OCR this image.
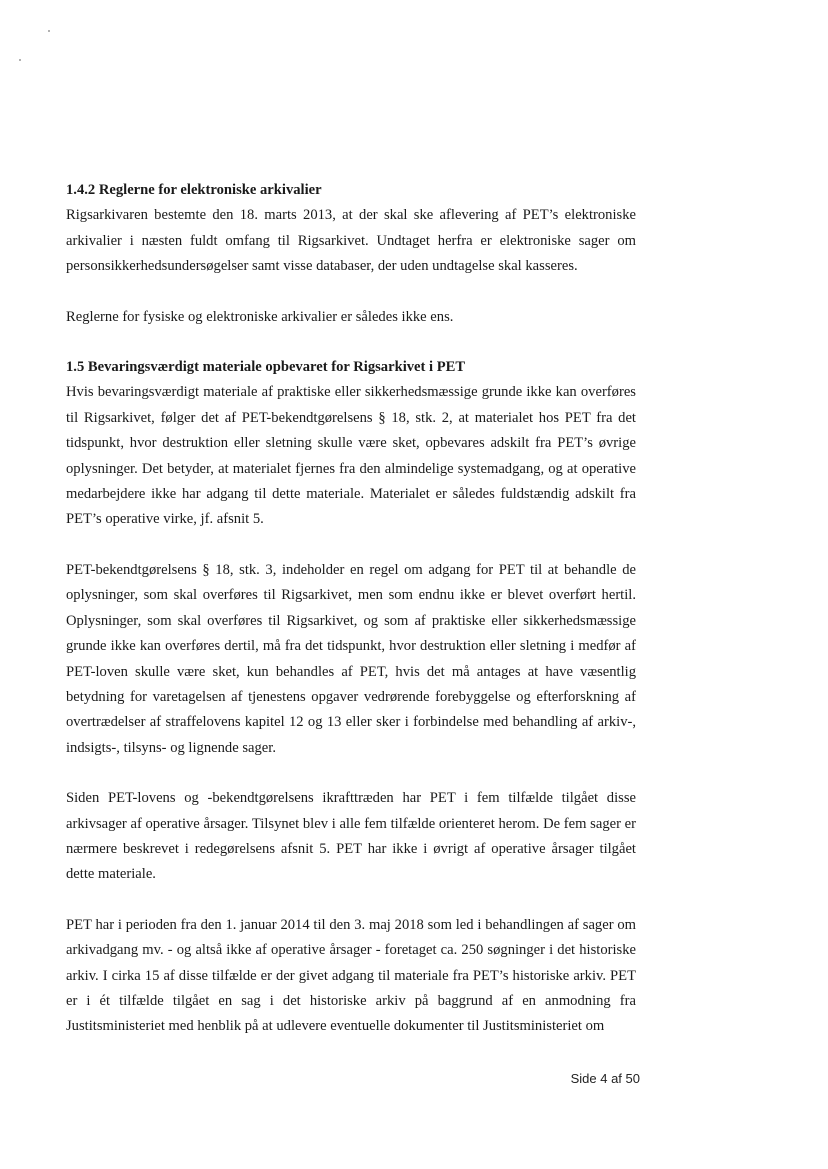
1.4.2 Reglerne for elektroniske arkivalier

Rigsarkivaren bestemte den 18. marts 2013, at der skal ske aflevering af PET’s elektroniske arkivalier i næsten fuldt omfang til Rigsarkivet. Undtaget herfra er elektroniske sager om personsikkerhedsundersøgelser samt visse databaser, der uden undtagelse skal kasseres.

Reglerne for fysiske og elektroniske arkivalier er således ikke ens.

1.5 Bevaringsværdigt materiale opbevaret for Rigsarkivet i PET

Hvis bevaringsværdigt materiale af praktiske eller sikkerhedsmæssige grunde ikke kan overføres til Rigsarkivet, følger det af PET-bekendtgørelsens § 18, stk. 2, at materialet hos PET fra det tidspunkt, hvor destruktion eller sletning skulle være sket, opbevares adskilt fra PET’s øvrige oplysninger. Det betyder, at materialet fjernes fra den almindelige systemadgang, og at operative medarbejdere ikke har adgang til dette materiale. Materialet er således fuldstændig adskilt fra PET’s operative virke, jf. afsnit 5.

PET-bekendtgørelsens § 18, stk. 3, indeholder en regel om adgang for PET til at behandle de oplysninger, som skal overføres til Rigsarkivet, men som endnu ikke er blevet overført hertil. Oplysninger, som skal overføres til Rigsarkivet, og som af praktiske eller sikkerhedsmæssige grunde ikke kan overføres dertil, må fra det tidspunkt, hvor destruktion eller sletning i medfør af PET-loven skulle være sket, kun behandles af PET, hvis det må antages at have væsentlig betydning for varetagelsen af tjenestens opgaver vedrørende forebyggelse og efterforskning af overtrædelser af straffelovens kapitel 12 og 13 eller sker i forbindelse med behandling af arkiv-, indsigts-, tilsyns- og lignende sager.

Siden PET-lovens og -bekendtgørelsens ikrafttræden har PET i fem tilfælde tilgået disse arkivsager af operative årsager. Tilsynet blev i alle fem tilfælde orienteret herom. De fem sager er nærmere beskrevet i redegørelsens afsnit 5. PET har ikke i øvrigt af operative årsager tilgået dette materiale.

PET har i perioden fra den 1. januar 2014 til den 3. maj 2018 som led i behandlingen af sager om arkivadgang mv. - og altså ikke af operative årsager - foretaget ca. 250 søgninger i det historiske arkiv. I cirka 15 af disse tilfælde er der givet adgang til materiale fra PET’s historiske arkiv. PET er i ét tilfælde tilgået en sag i det historiske arkiv på baggrund af en anmodning fra Justitsministeriet med henblik på at udlevere eventuelle dokumenter til Justitsministeriet om

Side 4 af 50
